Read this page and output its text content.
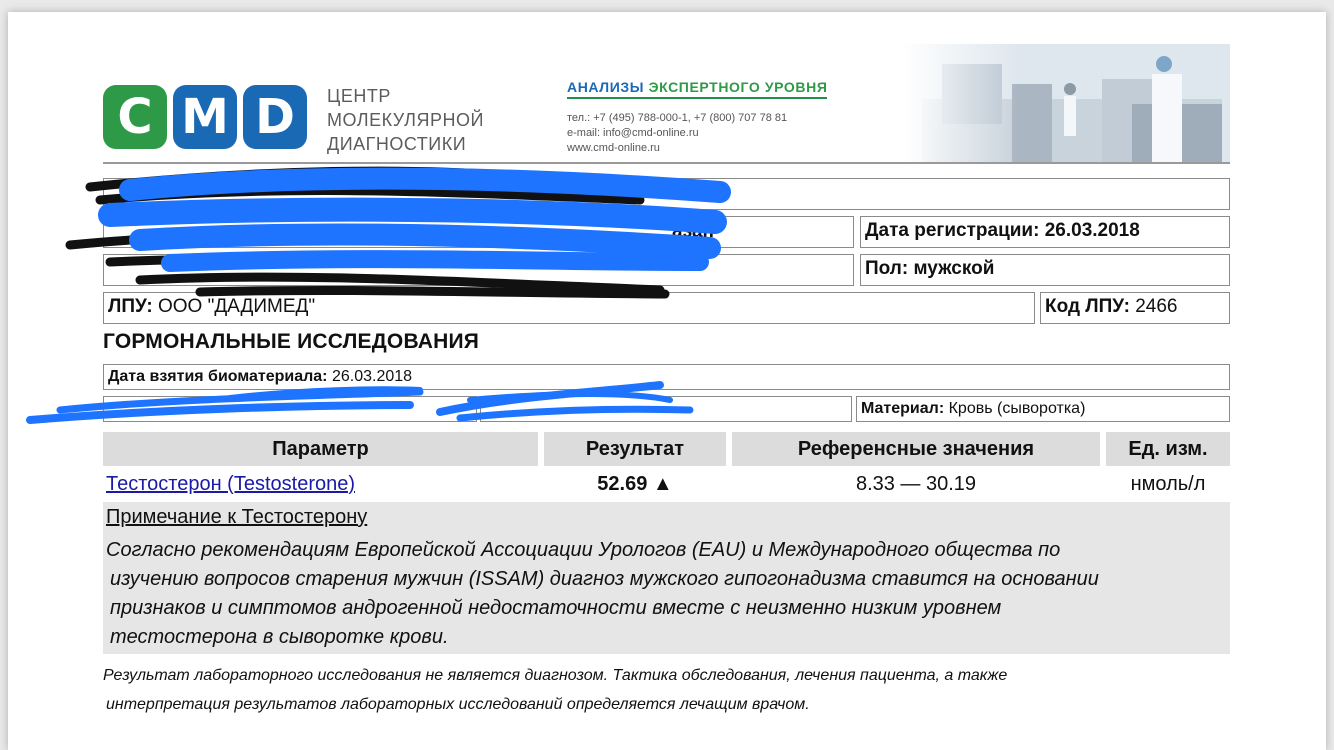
C M D	ЦЕНТР
МОЛЕКУЛЯРНОЙ
ДИАГНОСТИКИ
АНАЛИЗЫ ЭКСПЕРТНОГО УРОВНЯ
тел.: +7 (495) 788-000-1, +7 (800) 707 78 81
e-mail: info@cmd-online.ru
www.cmd-online.ru
азан	Дата регистрации: 26.03.2018
Пол: мужской
ЛПУ: ООО "ДАДИМЕД"	Код ЛПУ: 2466
ГОРМОНАЛЬНЫЕ ИССЛЕДОВАНИЯ
Дата взятия биоматериала: 26.03.2018
Материал: Кровь (сыворотка)
Параметр	Результат	Референсные значения	Ед. изм.
Тестостерон (Testosterone)	52.69 ▲	8.33 — 30.19	нмоль/л
Примечание к Тестостерону
Согласно рекомендациям Европейской Ассоциации Урологов (EAU) и Международного общества по
изучению вопросов старения мужчин (ISSAM) диагноз мужского гипогонадизма ставится на основании
признаков и симптомов андрогенной недостаточности вместе с неизменно низким уровнем
тестостерона в сыворотке крови.
Результат лабораторного исследования не является диагнозом. Тактика обследования, лечения пациента, а также
интерпретация результатов лабораторных исследований определяется лечащим врачом.
